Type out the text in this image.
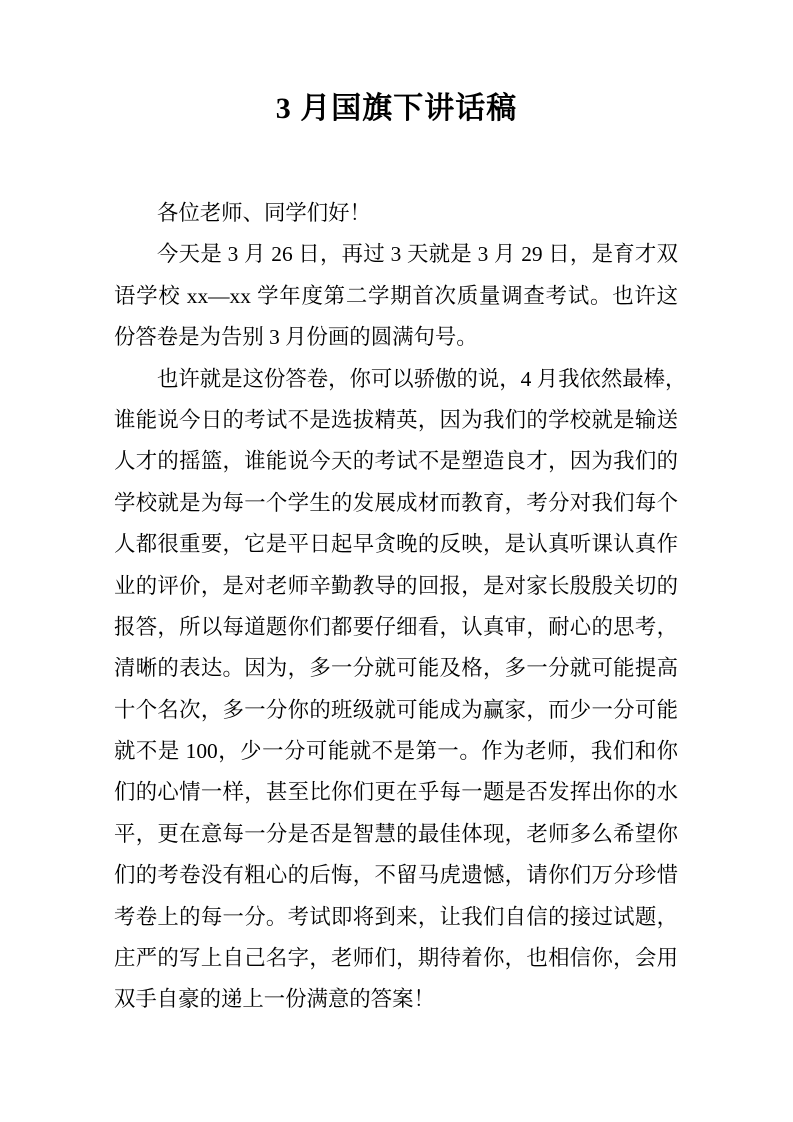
3 月国旗下讲话稿
各位老师、同学们好！
今天是 3 月 26 日，再过 3 天就是 3 月 29 日，是育才双
语学校 xx—xx 学年度第二学期首次质量调查考试。也许这
份答卷是为告别 3 月份画的圆满句号。
也许就是这份答卷，你可以骄傲的说，4 月我依然最棒，
谁能说今日的考试不是选拔精英，因为我们的学校就是输送
人才的摇篮，谁能说今天的考试不是塑造良才，因为我们的
学校就是为每一个学生的发展成材而教育，考分对我们每个
人都很重要，它是平日起早贪晚的反映，是认真听课认真作
业的评价，是对老师辛勤教导的回报，是对家长殷殷关切的
报答，所以每道题你们都要仔细看，认真审，耐心的思考，
清晰的表达。因为，多一分就可能及格，多一分就可能提高
十个名次，多一分你的班级就可能成为赢家，而少一分可能
就不是 100，少一分可能就不是第一。作为老师，我们和你
们的心情一样，甚至比你们更在乎每一题是否发挥出你的水
平，更在意每一分是否是智慧的最佳体现，老师多么希望你
们的考卷没有粗心的后悔，不留马虎遗憾，请你们万分珍惜
考卷上的每一分。考试即将到来，让我们自信的接过试题，
庄严的写上自己名字，老师们，期待着你，也相信你，会用
双手自豪的递上一份满意的答案！
